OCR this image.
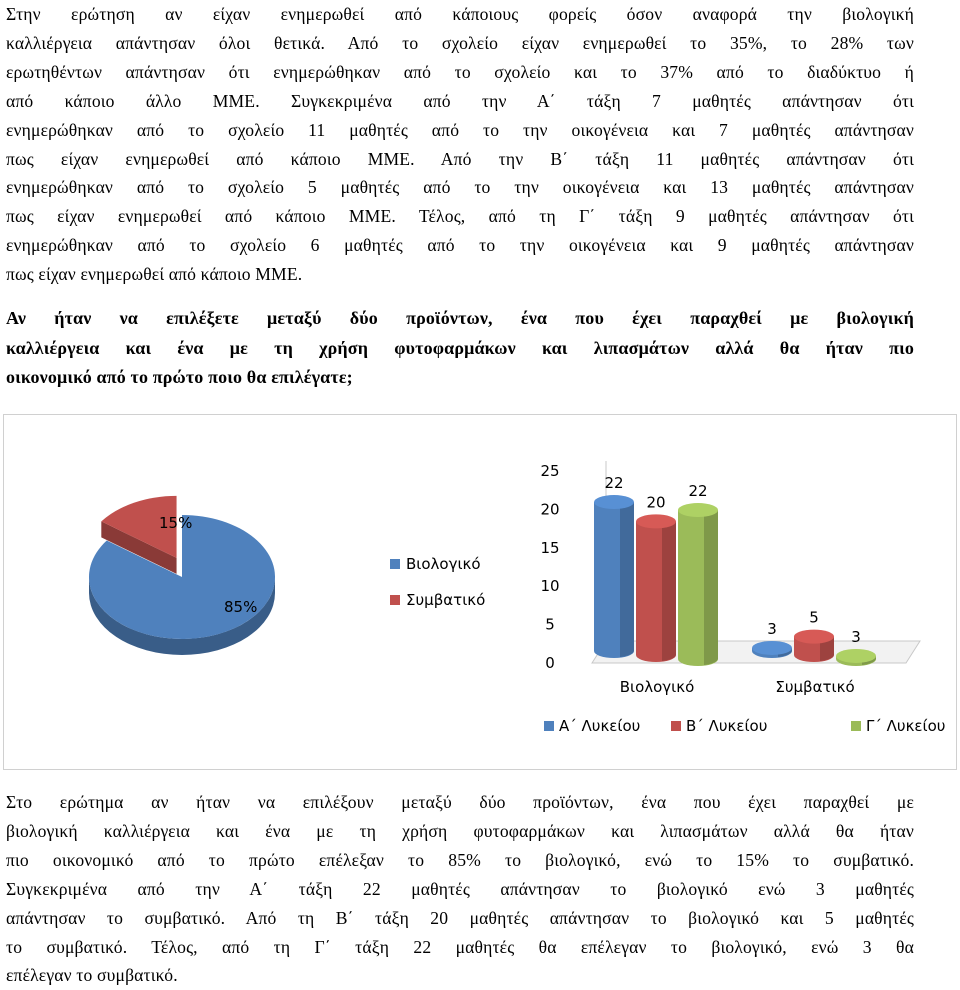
Στην ερώτηση αν είχαν ενημερωθεί από κάποιους φορείς όσον αναφορά την βιολογική
καλλιέργεια απάντησαν όλοι θετικά. Από το σχολείο είχαν ενημερωθεί το 35%, το 28% των
ερωτηθέντων απάντησαν ότι ενημερώθηκαν από το σχολείο και το 37% από το διαδύκτυο ή
από κάποιο άλλο ΜΜΕ. Συγκεκριμένα από την Α΄ τάξη 7 μαθητές απάντησαν ότι
ενημερώθηκαν από το σχολείο 11 μαθητές από το την οικογένεια και 7 μαθητές απάντησαν
πως είχαν ενημερωθεί από κάποιο ΜΜΕ. Από την Β΄ τάξη 11 μαθητές απάντησαν ότι
ενημερώθηκαν από το σχολείο 5 μαθητές από το την οικογένεια και 13 μαθητές απάντησαν
πως είχαν ενημερωθεί από κάποιο ΜΜΕ. Τέλος, από τη Γ΄ τάξη 9 μαθητές απάντησαν ότι
ενημερώθηκαν από το σχολείο 6 μαθητές από το την οικογένεια και 9 μαθητές απάντησαν
πως είχαν ενημερωθεί από κάποιο ΜΜΕ.
Αν ήταν να επιλέξετε μεταξύ δύο προϊόντων, ένα που έχει παραχθεί με βιολογική
καλλιέργεια και ένα με τη χρήση φυτοφαρμάκων και λιπασμάτων αλλά θα ήταν πιο
οικονομικό από το πρώτο ποιο θα επιλέγατε;
15%
85%
Βιολογικό
Συμβατικό
0
5
10
15
20
25
22
20
22
Βιολογικό
3
5
3
Συμβατικό
Α΄ Λυκείου	Β΄ Λυκείου	Γ΄ Λυκείου
Στο ερώτημα αν ήταν να επιλέξουν μεταξύ δύο προϊόντων, ένα που έχει παραχθεί με
βιολογική καλλιέργεια και ένα με τη χρήση φυτοφαρμάκων και λιπασμάτων αλλά θα ήταν
πιο οικονομικό από το πρώτο επέλεξαν το 85% το βιολογικό, ενώ το 15% το συμβατικό.
Συγκεκριμένα από την Α΄ τάξη 22 μαθητές απάντησαν το βιολογικό ενώ 3 μαθητές
απάντησαν το συμβατικό. Από τη Β΄ τάξη 20 μαθητές απάντησαν το βιολογικό και 5 μαθητές
το συμβατικό. Τέλος, από τη Γ΄ τάξη 22 μαθητές θα επέλεγαν το βιολογικό, ενώ 3 θα
επέλεγαν το συμβατικό.
